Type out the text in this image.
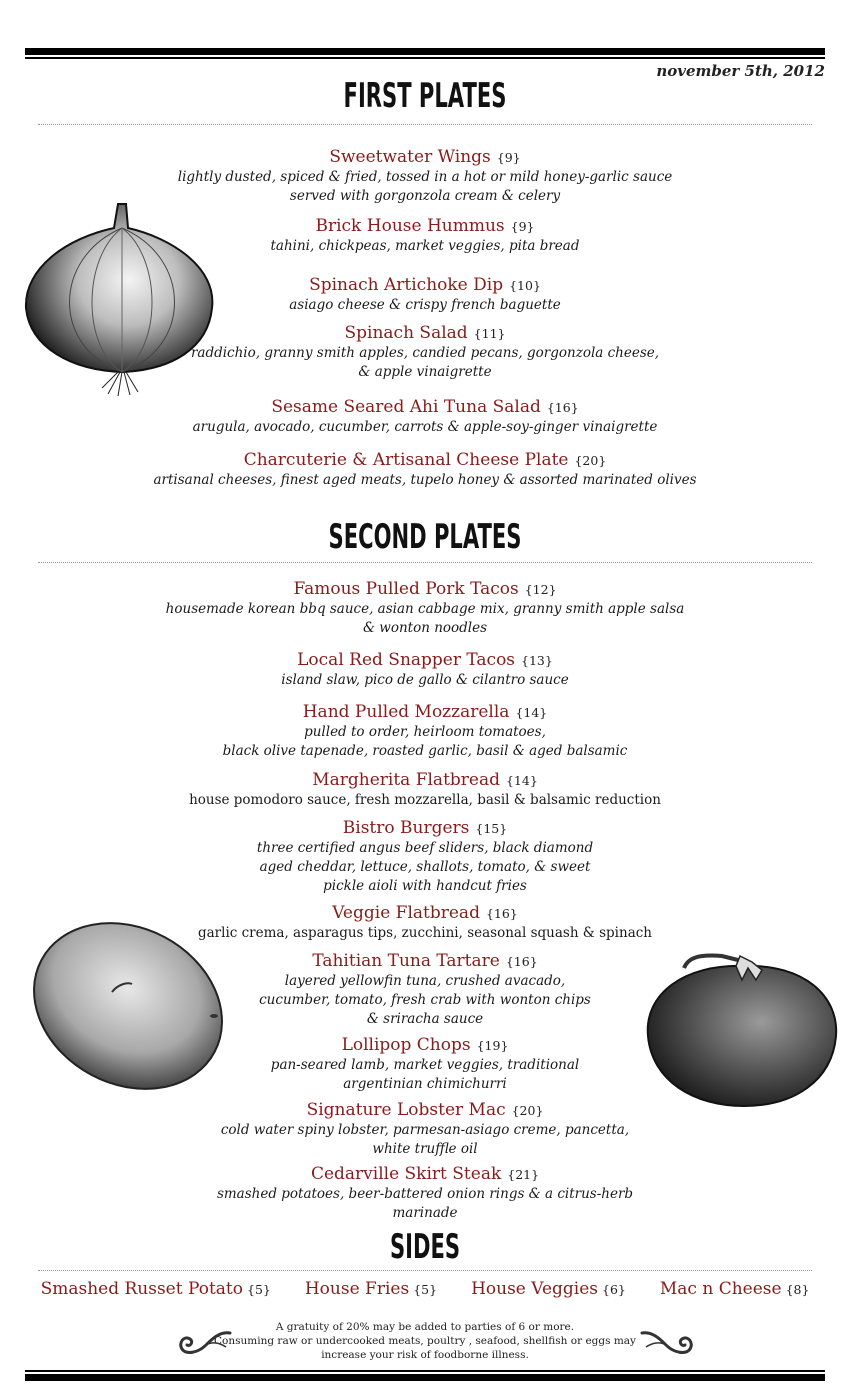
november 5th, 2012
FIRST PLATES
Sweetwater Wings {9}
lightly dusted, spiced & fried, tossed in a hot or mild honey-garlic sauce
served with gorgonzola cream & celery
Brick House Hummus {9}
tahini, chickpeas, market veggies, pita bread
Spinach Artichoke Dip {10}
asiago cheese & crispy french baguette
Spinach Salad {11}
raddichio, granny smith apples, candied pecans, gorgonzola cheese,
& apple vinaigrette
Sesame Seared Ahi Tuna Salad {16}
arugula, avocado, cucumber, carrots & apple-soy-ginger vinaigrette
Charcuterie & Artisanal Cheese Plate {20}
artisanal cheeses, finest aged meats, tupelo honey & assorted marinated olives
SECOND PLATES
Famous Pulled Pork Tacos {12}
housemade korean bbq sauce, asian cabbage mix, granny smith apple salsa
& wonton noodles
Local Red Snapper Tacos {13}
island slaw, pico de gallo & cilantro sauce
Hand Pulled Mozzarella {14}
pulled to order, heirloom tomatoes,
black olive tapenade, roasted garlic, basil & aged balsamic
Margherita Flatbread {14}
house pomodoro sauce, fresh mozzarella, basil & balsamic reduction
Bistro Burgers {15}
three certified angus beef sliders, black diamond
aged cheddar, lettuce, shallots, tomato, & sweet
pickle aioli with handcut fries
Veggie Flatbread {16}
garlic crema, asparagus tips, zucchini, seasonal squash & spinach
Tahitian Tuna Tartare {16}
layered yellowfin tuna, crushed avacado,
cucumber, tomato, fresh crab with wonton chips
& sriracha sauce
Lollipop Chops {19}
pan-seared lamb, market veggies, traditional
argentinian chimichurri
Signature Lobster Mac {20}
cold water spiny lobster, parmesan-asiago creme, pancetta,
white truffle oil
Cedarville Skirt Steak {21}
smashed potatoes, beer-battered onion rings & a citrus-herb
marinade
SIDES
Smashed Russet Potato {5} House Fries {5} House Veggies {6} Mac n Cheese {8}
A gratuity of 20% may be added to parties of 6 or more.
Consuming raw or undercooked meats, poultry , seafood, shellfish or eggs may
increase your risk of foodborne illness.
